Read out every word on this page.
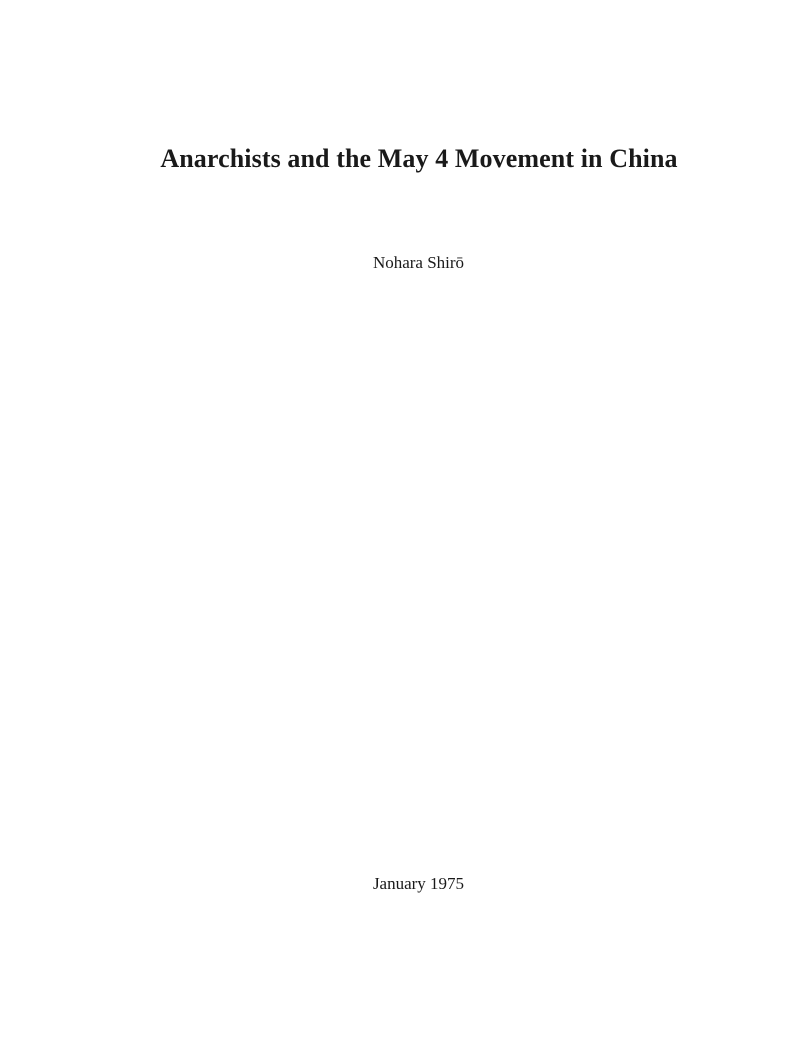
Anarchists and the May 4 Movement in China
Nohara Shirō
January 1975
